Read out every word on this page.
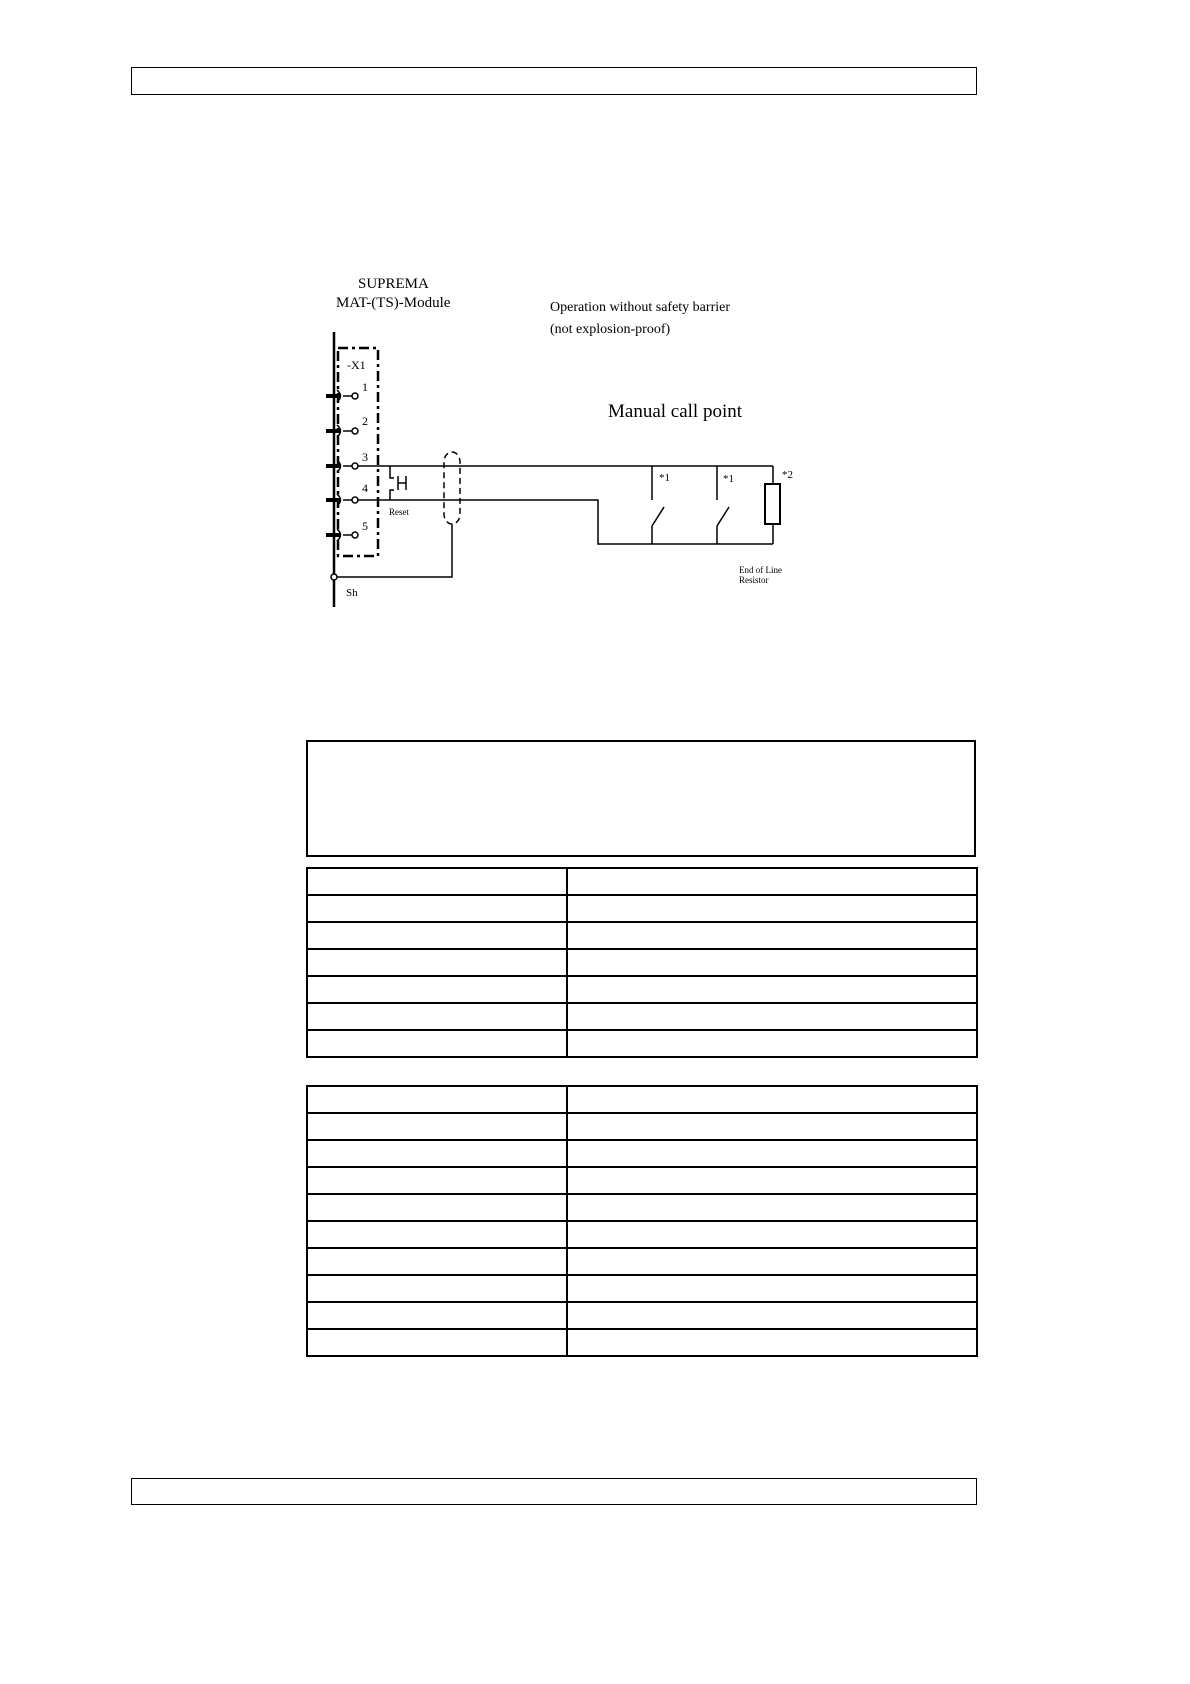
SUPREMA
MAT-(TS)-Module	Operation without safety barrier
(not explosion-proof)
Manual call point
-X1
1
2
3
4
5
Reset
Sh
*1	*1	*2
End of Line
Resistor
